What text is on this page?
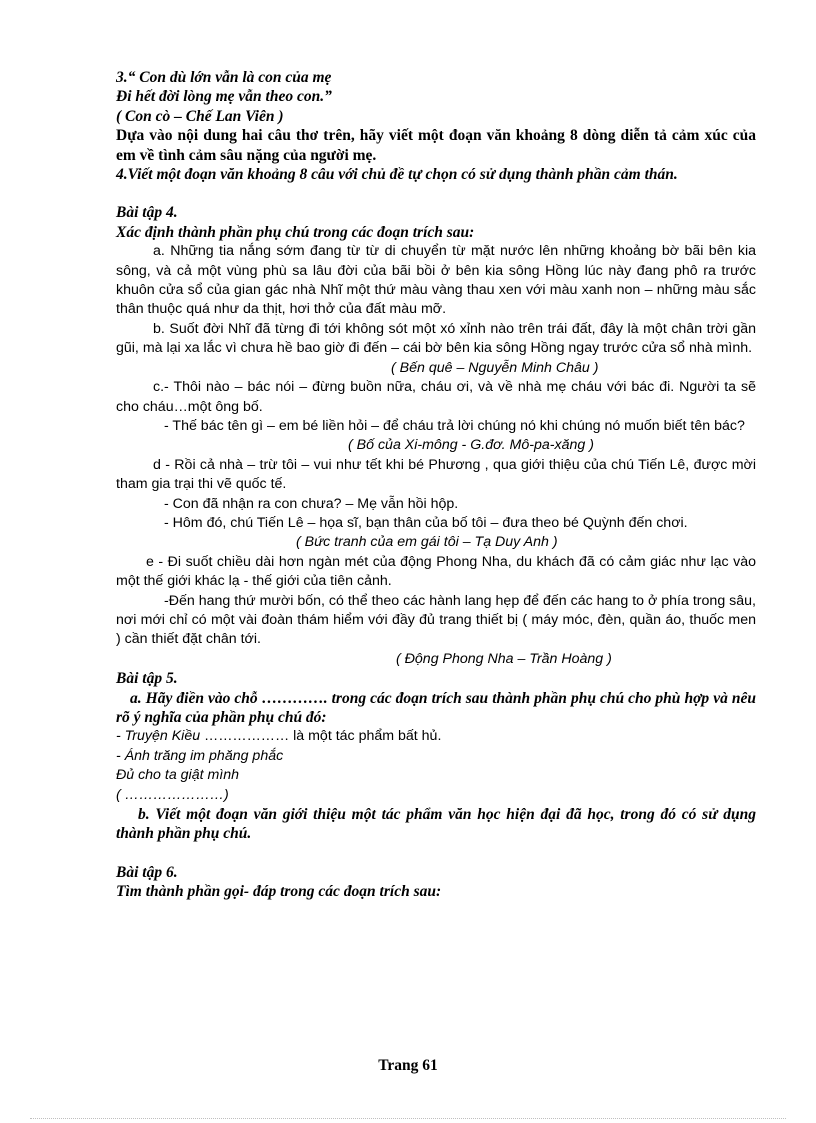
3.“ Con dù lớn vẫn là con của mẹ

Đi hết đời lòng mẹ vẫn theo con.”

( Con cò – Chế Lan Viên )

Dựa vào nội dung hai câu thơ trên, hãy viết một đoạn văn khoảng 8 dòng diễn tả cảm xúc của em về tình cảm sâu nặng của người mẹ.

4.Viết một đoạn văn khoảng 8 câu với chủ đề tự chọn có sử dụng thành phần cảm thán.

Bài tập 4.

Xác định thành phần phụ chú trong các đoạn trích sau:

a. Những tia nắng sớm đang từ từ di chuyển từ mặt nước lên những khoảng bờ bãi bên kia sông, và cả một vùng phù sa lâu đời của bãi bồi ở bên kia sông Hồng lúc này đang phô ra trước khuôn cửa sổ của gian gác nhà Nhĩ một thứ màu vàng thau xen với màu xanh non – những màu sắc thân thuộc quá như da thịt, hơi thở của đất màu mỡ.

b. Suốt đời Nhĩ đã từng đi tới không sót một xó xỉnh nào trên trái đất, đây là một chân trời gần gũi, mà lại xa lắc vì chưa hề bao giờ đi đến – cái bờ bên kia sông Hồng ngay trước cửa sổ nhà mình.

( Bến quê – Nguyễn Minh Châu )

c.- Thôi nào – bác nói – đừng buồn nữa, cháu ơi, và về nhà mẹ cháu với bác đi. Người ta sẽ cho cháu…một ông bố.

- Thế bác tên gì – em bé liền hỏi – để cháu trả lời chúng nó khi chúng nó muốn biết tên bác?

( Bố của Xi-mông - G.đơ. Mô-pa-xăng )

d - Rồi cả nhà – trừ tôi – vui như tết khi bé Phương , qua giới thiệu của chú Tiến Lê, được mời tham gia trại thi vẽ quốc tế.

- Con đã nhận ra con chưa? – Mẹ vẫn hồi hộp.

- Hôm đó, chú Tiến Lê – họa sĩ, bạn thân của bố tôi – đưa theo bé Quỳnh đến chơi.

( Bức tranh của em gái tôi – Tạ Duy Anh )

e - Đi suốt chiều dài hơn ngàn mét của động Phong Nha, du khách đã có cảm giác như lạc vào một thế giới khác lạ - thế giới của tiên cảnh.

-Đến hang thứ mười bốn, có thể theo các hành lang hẹp để đến các hang to ở phía trong sâu, nơi mới chỉ có một vài đoàn thám hiểm với đầy đủ trang thiết bị ( máy móc, đèn, quần áo, thuốc men ) cần thiết đặt chân tới.

( Động Phong Nha – Trần Hoàng )

Bài tập 5.

a. Hãy điền vào chỗ …………. trong các đoạn trích sau thành phần phụ chú cho phù hợp và nêu rõ ý nghĩa của phần phụ chú đó:

- Truyện Kiều ……………… là một tác phẩm bất hủ.

- Ánh trăng im phăng phắc

Đủ cho ta giật mình

( …………………)

b. Viết một đoạn văn giới thiệu một tác phẩm văn học hiện đại đã học, trong đó có sử dụng thành phần phụ chú.

Bài tập 6.

Tìm thành phần gọi- đáp trong các đoạn trích sau:

Trang 61
